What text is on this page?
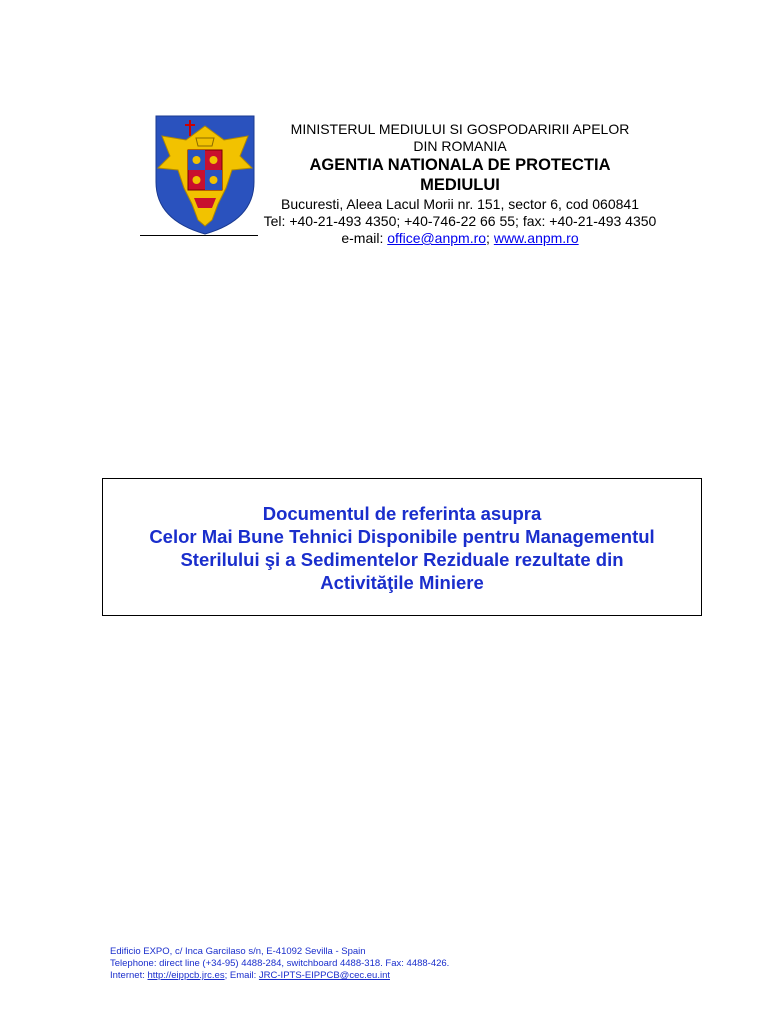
MINISTERUL MEDIULUI SI GOSPODARIRII APELOR
DIN ROMANIA
AGENTIA NATIONALA DE PROTECTIA
MEDIULUI
Bucuresti, Aleea Lacul Morii nr. 151, sector 6, cod 060841
Tel: +40-21-493 4350; +40-746-22 66 55; fax: +40-21-493 4350
e-mail: office@anpm.ro; www.anpm.ro
Documentul de referinta asupra
Celor Mai Bune Tehnici Disponibile pentru Managementul
Sterilului şi a Sedimentelor Reziduale rezultate din
Activităţile Miniere
Edificio EXPO, c/ Inca Garcilaso s/n, E-41092 Sevilla - Spain
Telephone: direct line (+34-95) 4488-284, switchboard 4488-318. Fax: 4488-426.
Internet: http://eippcb.jrc.es; Email: JRC-IPTS-EIPPCB@cec.eu.int
